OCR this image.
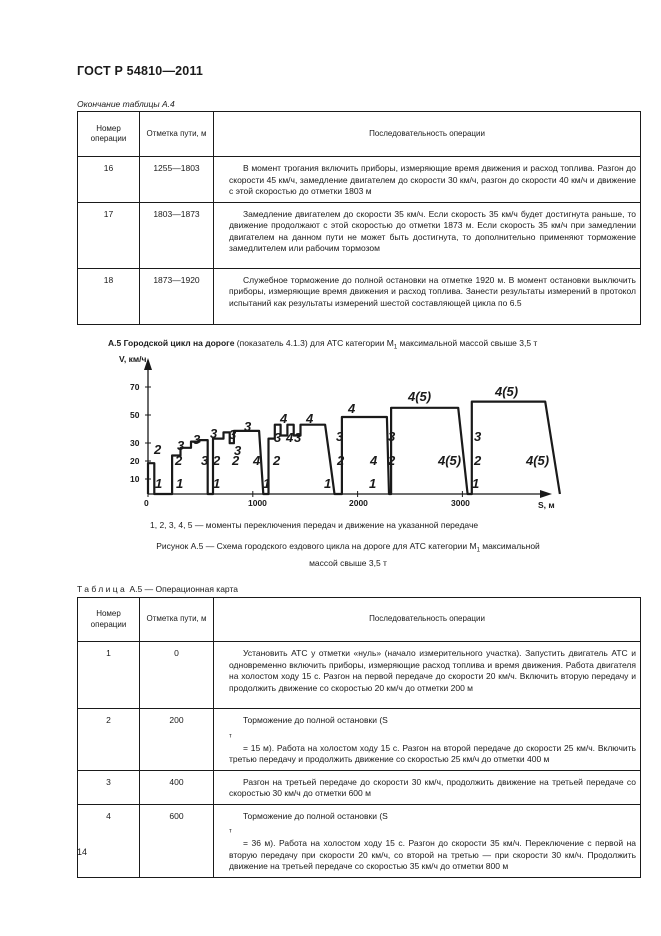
ГОСТ Р 54810—2011
Окончание таблицы А.4
Номер операции	Отметка пути, м	Последовательность операции
16	1255—1803	В момент трогания включить приборы, измеряющие время движения и расход топлива. Разгон до скорости 45 км/ч, замедление двигателем до скорости 30 км/ч, разгон до скорости 40 км/ч и движение с этой скоростью до отметки 1803 м

17	1803—1873	Замедление двигателем до скорости 35 км/ч. Если скорость 35 км/ч будет достигнута раньше, то движение продолжают с этой скоростью до отметки 1873 м. Если скорость 35 км/ч при замедлении двигателем на данном пути не может быть достигнута, то дополнительно применяют торможение замедлителем или рабочим тормозом

18	1873—1920	Служебное торможение до полной остановки на отметке 1920 м. В момент остановки выключить приборы, измеряющие время движения и расход топлива. Занести результаты измерений в протокол испытаний как результаты измерений шестой составляющей цикла по 6.5
А.5 Городской цикл на дороге (показатель 4.1.3) для АТС категории $М_1$ максимальной массой свыше 3,5 т
V, км/ч
S, м
10
20
30
50
70
0	1000	2000	3000
2
1 1
2
3 3
3 2
1
3 3
3
3
2 4
1
2
3
4
4 3
4
1
2
3
4
1
4 2
3
4(5)
4(5)
1
2
3
4(5)
4(5)
1, 2, 3, 4, 5 — моменты переключения передач и движение на указанной передаче
Рисунок А.5 — Схема городского ездового цикла на дороге для АТС категории $М_1$ максимальной
массой свыше 3,5 т
Таблица А.5 — Операционная карта
Номер операции	Отметка пути, м	Последовательность операции
1	0	Установить АТС у отметки «нуль» (начало измерительного участка). Запустить двигатель АТС и одновременно включить приборы, измеряющие расход топлива и время движения. Работа двигателя на холостом ходу 15 с. Разгон на первой передаче до скорости 20 км/ч. Включить вторую передачу и продолжить движение со скоростью 20 км/ч до отметки 200 м

2	200	Торможение до полной остановки (S
$_т$
= 15 м). Работа на холостом ходу 15 с. Разгон на второй передаче до скорости 25 км/ч. Включить третью передачу и продолжить движение со скоростью 25 км/ч до отметки 400 м

3	400	Разгон на третьей передаче до скорости 30 км/ч, продолжить движение на третьей передаче со скоростью 30 км/ч до отметки 600 м

4	600	Торможение до полной остановки (S
$_т$
= 36 м). Работа на холостом ходу 15 с. Разгон до скорости 35 км/ч. Переключение с первой на вторую передачу при скорости 20 км/ч, со второй на третью — при скорости 30 км/ч. Продолжить движение на третьей передаче со скоростью 35 км/ч до отметки 800 м
14
